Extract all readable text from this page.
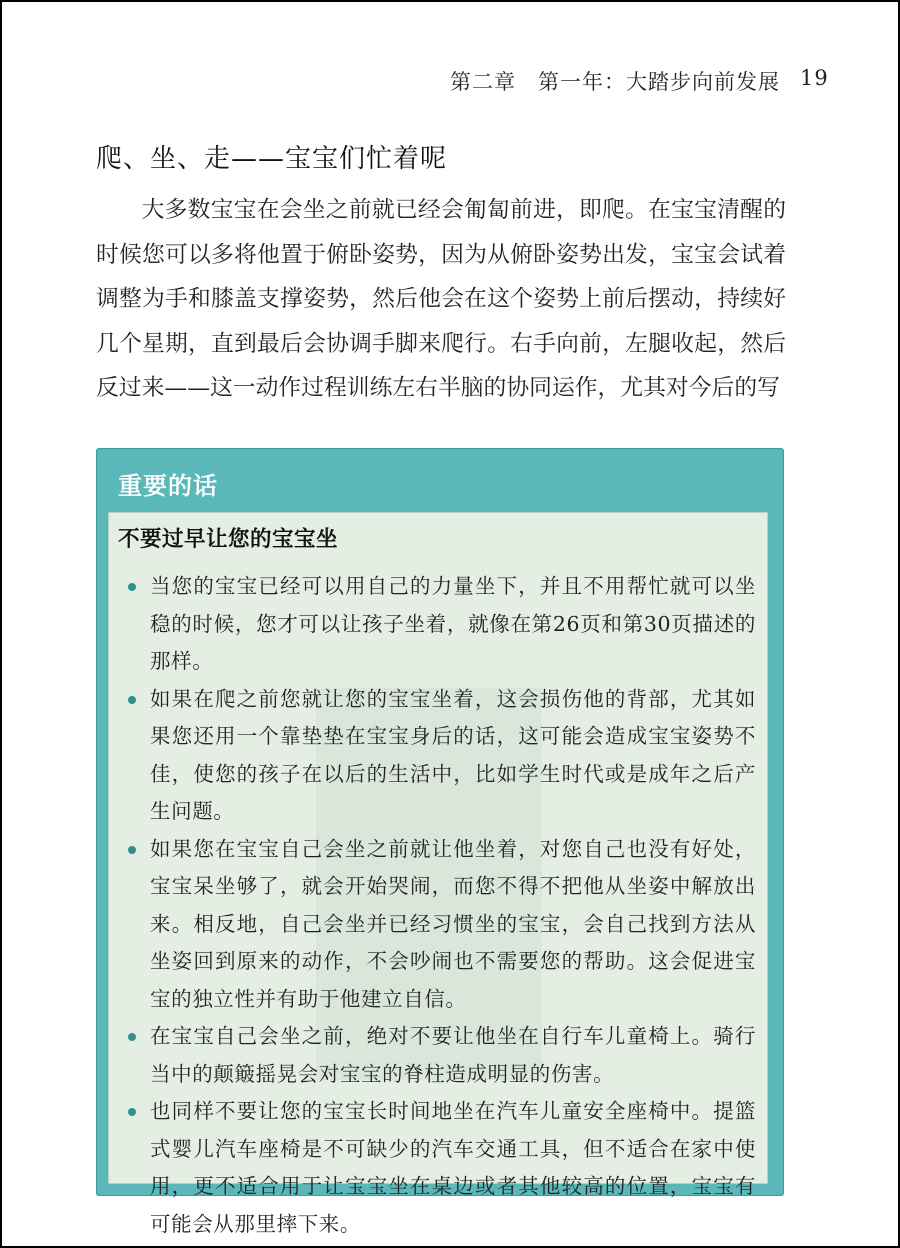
第二章　第一年：大踏步向前发展 19
爬、坐、走——宝宝们忙着呢

大多数宝宝在会坐之前就已经会匍匐前进，即爬。在宝宝清醒的时候您可以多将他置于俯卧姿势，因为从俯卧姿势出发，宝宝会试着调整为手和膝盖支撑姿势，然后他会在这个姿势上前后摆动，持续好几个星期，直到最后会协调手脚来爬行。右手向前，左腿收起，然后反过来——这一动作过程训练左右半脑的协同运作，尤其对今后的写

重要的话
不要过早让您的宝宝坐
当您的宝宝已经可以用自己的力量坐下，并且不用帮忙就可以坐稳的时候，您才可以让孩子坐着，就像在第26页和第30页描述的那样。
如果在爬之前您就让您的宝宝坐着，这会损伤他的背部，尤其如果您还用一个靠垫垫在宝宝身后的话，这可能会造成宝宝姿势不佳，使您的孩子在以后的生活中，比如学生时代或是成年之后产生问题。
如果您在宝宝自己会坐之前就让他坐着，对您自己也没有好处，宝宝呆坐够了，就会开始哭闹，而您不得不把他从坐姿中解放出来。相反地，自己会坐并已经习惯坐的宝宝，会自己找到方法从坐姿回到原来的动作，不会吵闹也不需要您的帮助。这会促进宝宝的独立性并有助于他建立自信。
在宝宝自己会坐之前，绝对不要让他坐在自行车儿童椅上。骑行当中的颠簸摇晃会对宝宝的脊柱造成明显的伤害。
也同样不要让您的宝宝长时间地坐在汽车儿童安全座椅中。提篮式婴儿汽车座椅是不可缺少的汽车交通工具，但不适合在家中使用，更不适合用于让宝宝坐在桌边或者其他较高的位置，宝宝有可能会从那里摔下来。
